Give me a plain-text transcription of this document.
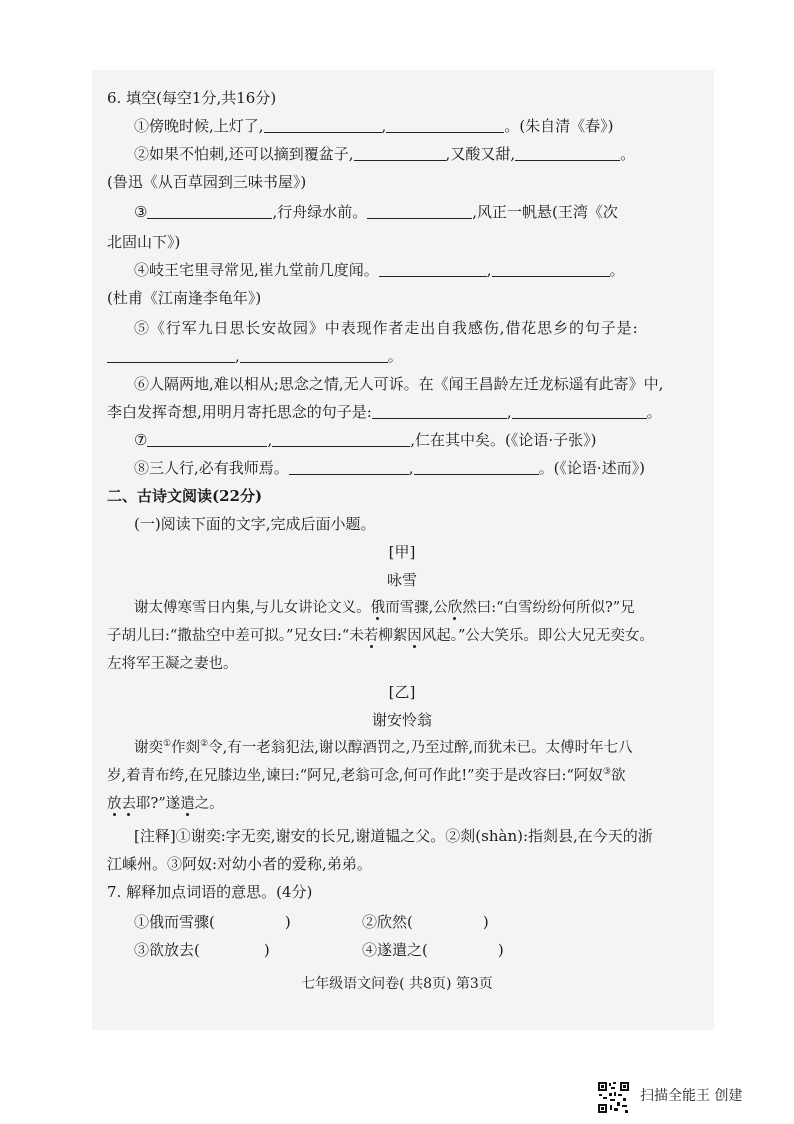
6. 填空(每空1分,共16分)
①傍晚时候,上灯了,	,	。(朱自清《春》)
②如果不怕刺,还可以摘到覆盆子,	,又酸又甜,	。
(鲁迅《从百草园到三味书屋》)
③	,行舟绿水前。	,风正一帆悬(王湾《次
北固山下》)
④岐王宅里寻常见,崔九堂前几度闻。	,	。
(杜甫《江南逢李龟年》)
⑤《行军九日思长安故园》中表现作者走出自我感伤,借花思乡的句子是:
,	。
⑥人隔两地,难以相从;思念之情,无人可诉。在《闻王昌龄左迁龙标遥有此寄》中,
李白发挥奇想,用明月寄托思念的句子是:	,	。
⑦	,	,仁在其中矣。(《论语·子张》)
⑧三人行,必有我师焉。	,	。(《论语·述而》)
二、古诗文阅读(22分)
(一)阅读下面的文字,完成后面小题。
[甲]
咏雪
谢太傅寒雪日内集,与儿女讲论文义。俄而雪骤,公欣然曰:“白雪纷纷何所似?”兄
子胡儿曰:“撒盐空中差可拟。”兄女曰:“未若柳絮因风起。”公大笑乐。即公大兄无奕女。
左将军王凝之妻也。
[乙]
谢安怜翁
谢奕①作剡②令,有一老翁犯法,谢以醇酒罚之,乃至过醉,而犹未已。太傅时年七八
岁,着青布绔,在兄膝边坐,谏曰:“阿兄,老翁可念,何可作此!”奕于是改容曰:“阿奴③欲
放去耶?”遂遣之。
[注释]①谢奕:字无奕,谢安的长兄,谢道韫之父。②剡(shàn):指剡县,在今天的浙
江嵊州。③阿奴:对幼小者的爱称,弟弟。
7. 解释加点词语的意思。(4分)
①俄而雪骤(	)	②欣然(	)
③欲放去(	)	④遂遣之(	)
七年级语文问卷( 共8页) 第3页
扫描全能王 创建
